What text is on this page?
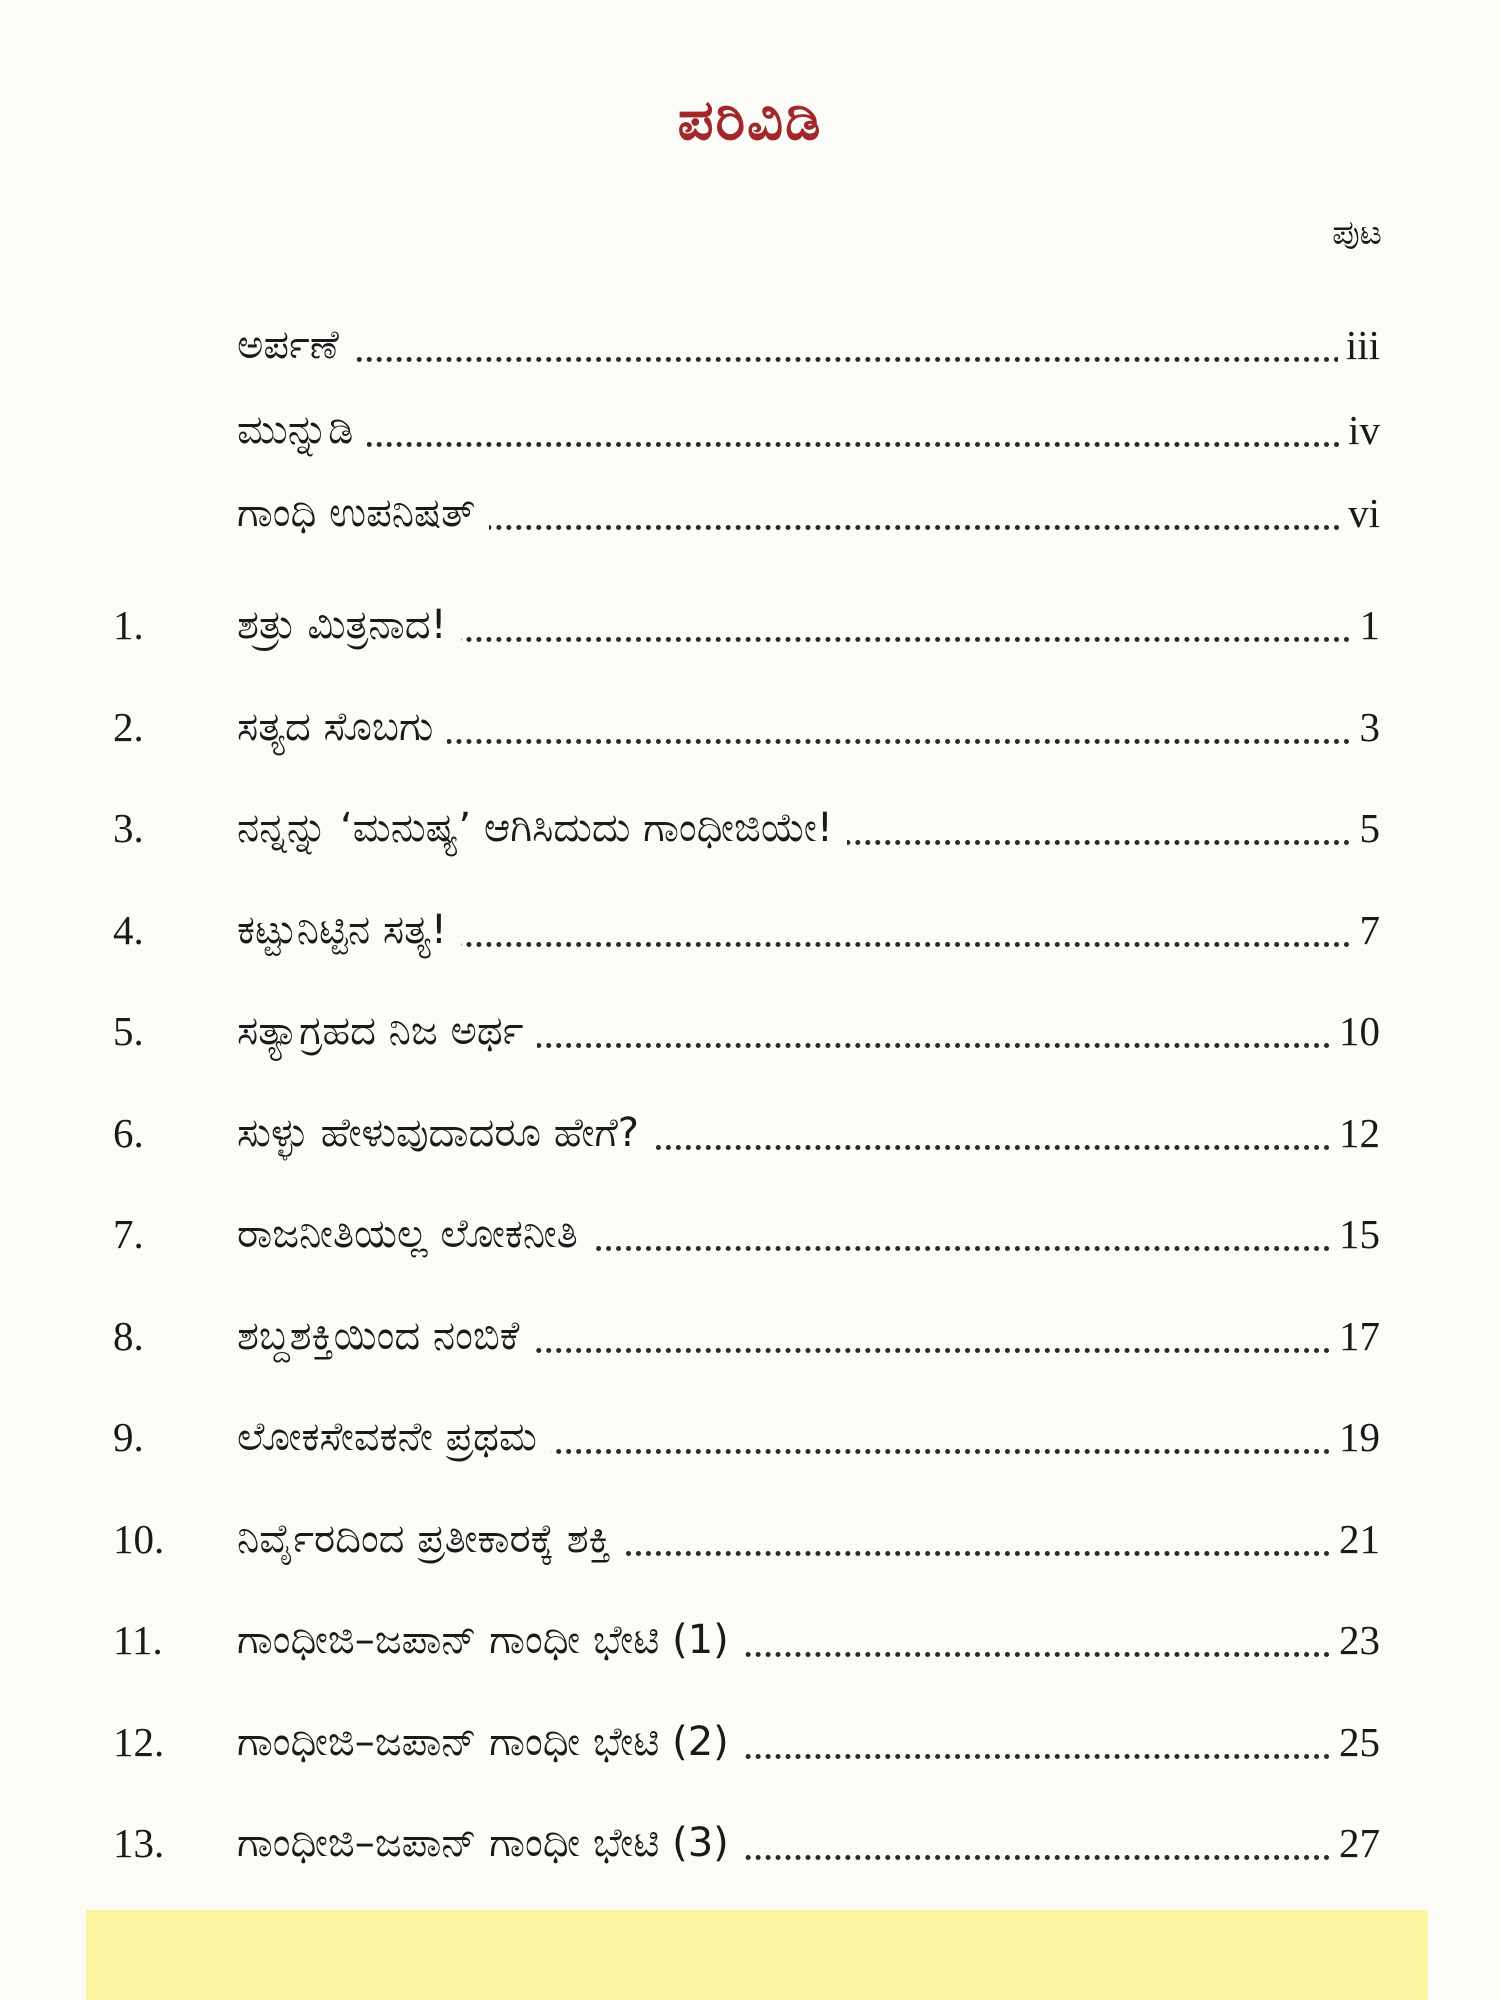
ಪರಿವಿಡಿ
ಪುಟ
ಅರ್ಪಣೆ	iii
ಮುನ್ನುಡಿ	iv
ಗಾಂಧಿ ಉಪನಿಷತ್	vi
1. ಶತ್ರು ಮಿತ್ರನಾದ!	1
2. ಸತ್ಯದ ಸೊಬಗು	3
3. ನನ್ನನ್ನು ‘ಮನುಷ್ಯ’ ಆಗಿಸಿದುದು ಗಾಂಧೀಜಿಯೇ!	5
4. ಕಟ್ಟುನಿಟ್ಟಿನ ಸತ್ಯ!	7
5. ಸತ್ಯಾಗ್ರಹದ ನಿಜ ಅರ್ಥ	10
6. ಸುಳ್ಳು ಹೇಳುವುದಾದರೂ ಹೇಗೆ?	12
7. ರಾಜನೀತಿಯಲ್ಲ ಲೋಕನೀತಿ	15
8. ಶಬ್ದಶಕ್ತಿಯಿಂದ ನಂಬಿಕೆ	17
9. ಲೋಕಸೇವಕನೇ ಪ್ರಥಮ	19
10. ನಿರ್ವೈರದಿಂದ ಪ್ರತೀಕಾರಕ್ಕೆ ಶಕ್ತಿ	21
11. ಗಾಂಧೀಜಿ–ಜಪಾನ್ ಗಾಂಧೀ ಭೇಟಿ (1)	23
12. ಗಾಂಧೀಜಿ–ಜಪಾನ್ ಗಾಂಧೀ ಭೇಟಿ (2)	25
13. ಗಾಂಧೀಜಿ–ಜಪಾನ್ ಗಾಂಧೀ ಭೇಟಿ (3)	27
